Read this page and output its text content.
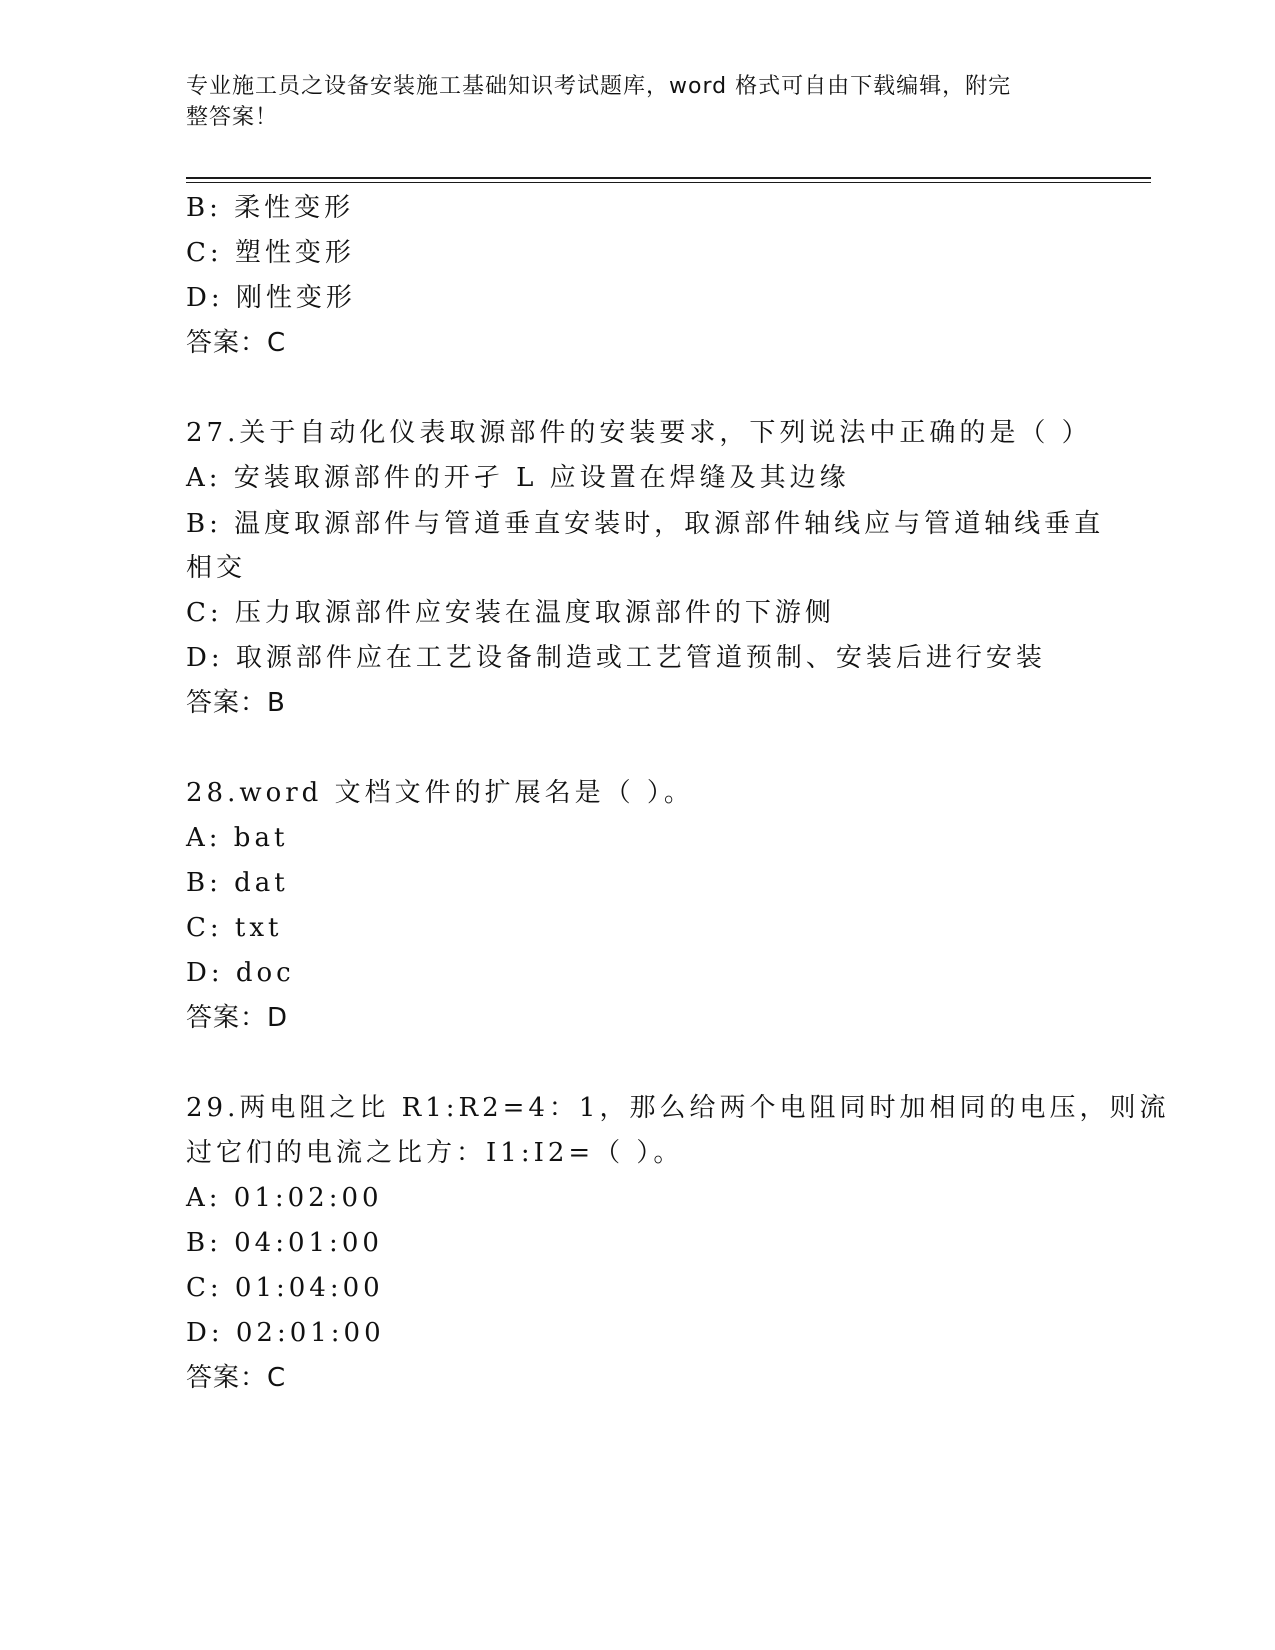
专业施工员之设备安装施工基础知识考试题库，word 格式可自由下载编辑，附完
整答案！
B: 柔性变形
C: 塑性变形
D: 刚性变形
答案：C
27.关于自动化仪表取源部件的安装要求，下列说法中正确的是（ ）
A: 安装取源部件的开孑 L 应设置在焊缝及其边缘
B: 温度取源部件与管道垂直安装时，取源部件轴线应与管道轴线垂直
相交
C: 压力取源部件应安装在温度取源部件的下游侧
D: 取源部件应在工艺设备制造或工艺管道预制、安装后进行安装
答案：B
28.word 文档文件的扩展名是（ ）。
A: bat
B: dat
C: txt
D: doc
答案：D
29.两电阻之比 R1:R2=4：1，那么给两个电阻同时加相同的电压，则流
过它们的电流之比方：I1:I2=（ ）。
A: 01:02:00
B: 04:01:00
C: 01:04:00
D: 02:01:00
答案：C
